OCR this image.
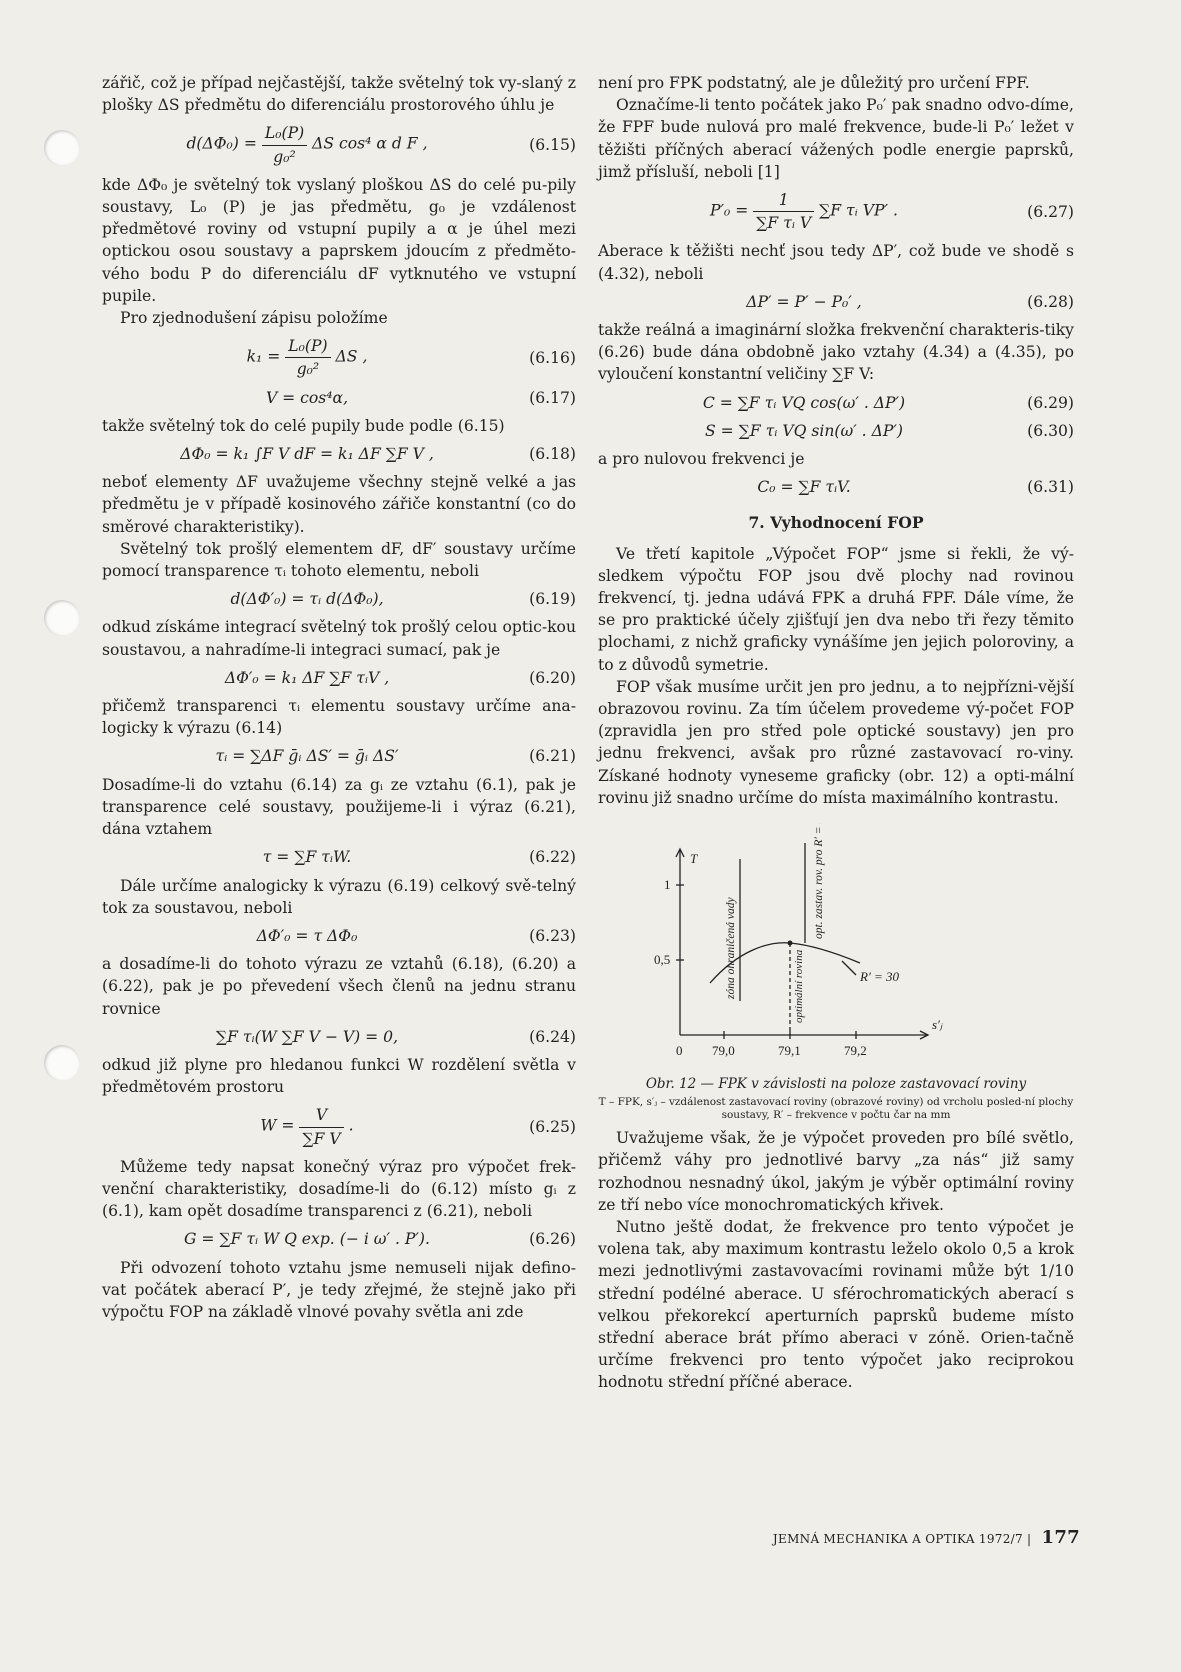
zářič, což je případ nejčastější, takže světelný tok vy-slaný z plošky ΔS předmětu do diferenciálu prostorového úhlu je

$d(\Delta\Phi_0) = \frac{\text{L₀(P)}}{\text{g₀²}}$ ΔS cos⁴ α d F ,	(6.15)

kde ΔΦ₀ je světelný tok vyslaný ploškou ΔS do celé pu-pily soustavy, L₀ (P) je jas předmětu, g₀ je vzdálenost předmětové roviny od vstupní pupily a α je úhel mezi optickou osou soustavy a paprskem jdoucím z předměto-vého bodu P do diferenciálu dF vytknutého ve vstupní pupile.

Pro zjednodušení zápisu položíme

$k_1 = \frac{\text{L₀(P)}}{\text{g₀²}}$ ΔS ,	(6.16)
V = cos⁴α,	(6.17)

takže světelný tok do celé pupily bude podle (6.15)

ΔΦ₀ = k₁ ∫F V dF = k₁ ΔF ∑F V ,	(6.18)

neboť elementy ΔF uvažujeme všechny stejně velké a jas předmětu je v případě kosinového zářiče konstantní (co do směrové charakteristiky).

Světelný tok prošlý elementem dF, dF′ soustavy určíme pomocí transparence τᵢ tohoto elementu, neboli

d(ΔΦ′₀) = τᵢ d(ΔΦ₀),	(6.19)

odkud získáme integrací světelný tok prošlý celou optic-kou soustavou, a nahradíme-li integraci sumací, pak je

ΔΦ′₀ = k₁ ΔF ∑F τᵢV ,	(6.20)

přičemž transparenci τᵢ elementu soustavy určíme ana-logicky k výrazu (6.14)

τᵢ = ∑ΔF ḡᵢ ΔS′ = ḡᵢ ΔS′	(6.21)

Dosadíme-li do vztahu (6.14) za gᵢ ze vztahu (6.1), pak je transparence celé soustavy, použijeme-li i výraz (6.21), dána vztahem

τ = ∑F τᵢW.	(6.22)

Dále určíme analogicky k výrazu (6.19) celkový svě-telný tok za soustavou, neboli

ΔΦ′₀ = τ ΔΦ₀	(6.23)

a dosadíme-li do tohoto výrazu ze vztahů (6.18), (6.20) a (6.22), pak je po převedení všech členů na jednu stranu rovnice

∑F τᵢ(W ∑F V − V) = 0,	(6.24)

odkud již plyne pro hledanou funkci W rozdělení světla v předmětovém prostoru

$W = \frac{V}{\text{∑F V}}$ .	(6.25)

Můžeme tedy napsat konečný výraz pro výpočet frek-venční charakteristiky, dosadíme-li do (6.12) místo gᵢ z (6.1), kam opět dosadíme transparenci z (6.21), neboli

G = ∑F τᵢ W Q exp. (− i ω′ . P′).	(6.26)

Při odvození tohoto vztahu jsme nemuseli nijak defino-vat počátek aberací P′, je tedy zřejmé, že stejně jako při výpočtu FOP na základě vlnové povahy světla ani zde

není pro FPK podstatný, ale je důležitý pro určení FPF.

Označíme-li tento počátek jako P₀′ pak snadno odvo-díme, že FPF bude nulová pro malé frekvence, bude-li P₀′ ležet v těžišti příčných aberací vážených podle energie paprsků, jimž přísluší, neboli [1]

$P'_0 = \frac{1}{\text{∑F τᵢ V}} \sum F$ τᵢ VP′ .	(6.27)

Aberace k těžišti nechť jsou tedy ΔP′, což bude ve shodě s (4.32), neboli

ΔP′ = P′ − P₀′ ,	(6.28)

takže reálná a imaginární složka frekvenční charakteris-tiky (6.26) bude dána obdobně jako vztahy (4.34) a (4.35), po vyloučení konstantní veličiny ∑F V:

C = ∑F τᵢ VQ cos(ω′ . ΔP′)	(6.29)
S = ∑F τᵢ VQ sin(ω′ . ΔP′)	(6.30)

a pro nulovou frekvenci je

C₀ = ∑F τᵢV.	(6.31)
7. Vyhodnocení FOP

Ve třetí kapitole „Výpočet FOP“ jsme si řekli, že vý-sledkem výpočtu FOP jsou dvě plochy nad rovinou frekvencí, tj. jedna udává FPK a druhá FPF. Dále víme, že se pro praktické účely zjišťují jen dva nebo tři řezy těmito plochami, z nichž graficky vynášíme jen jejich poloroviny, a to z důvodů symetrie.

FOP však musíme určit jen pro jednu, a to nejpřízni-vější obrazovou rovinu. Za tím účelem provedeme vý-počet FOP (zpravidla jen pro střed pole optické soustavy) jen pro jednu frekvenci, avšak pro různé zastavovací ro-viny. Získané hodnoty vyneseme graficky (obr. 12) a opti-mální rovinu již snadno určíme do místa maximálního kontrastu.

T
s′ⱼ
1
0,5
0 79,0	79,1	79,2
R′ = 30
zóna ohraničená vady
opt. zastav. rov. pro R′ = 0
optimální rovina
Obr. 12 — FPK v závislosti na poloze zastavovací roviny
T – FPK, s′ⱼ – vzdálenost zastavovací roviny (obrazové roviny) od vrcholu posled-ní plochy soustavy, R′ – frekvence v počtu čar na mm

Uvažujeme však, že je výpočet proveden pro bílé světlo, přičemž váhy pro jednotlivé barvy „za nás“ již samy rozhodnou nesnadný úkol, jakým je výběr optimální roviny ze tří nebo více monochromatických křivek.

Nutno ještě dodat, že frekvence pro tento výpočet je volena tak, aby maximum kontrastu leželo okolo 0,5 a krok mezi jednotlivými zastavovacími rovinami může být 1/10 střední podélné aberace. U sférochromatických aberací s velkou překorekcí aperturních paprsků budeme místo střední aberace brát přímo aberaci v zóně. Orien-tačně určíme frekvenci pro tento výpočet jako reciprokou hodnotu střední příčné aberace.

JEMNÁ MECHANIKA A OPTIKA 1972/7 | 177
